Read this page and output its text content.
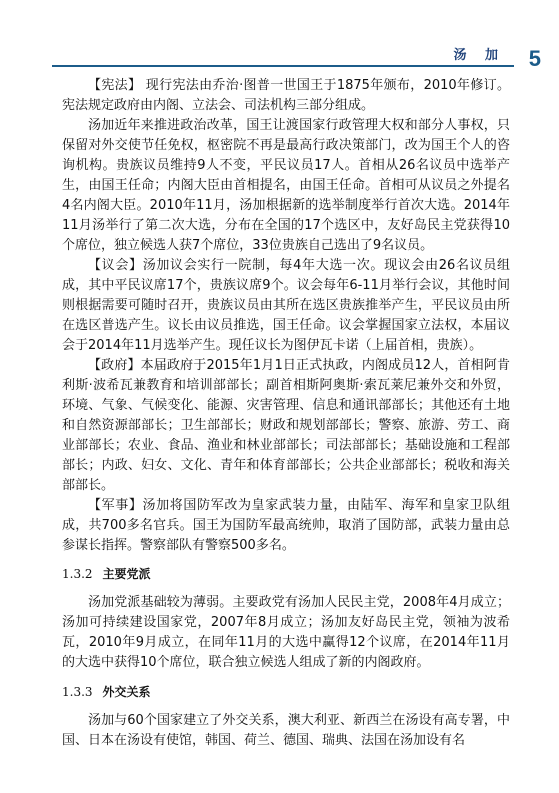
汤 加 5

【宪法】 现行宪法由乔治·图普一世国王于1875年颁布，2010年修订。宪法规定政府由内阁、立法会、司法机构三部分组成。

汤加近年来推进政治改革，国王让渡国家行政管理大权和部分人事权，只保留对外交使节任免权，枢密院不再是最高行政决策部门，改为国王个人的咨询机构。贵族议员维持9人不变，平民议员17人。首相从26名议员中选举产生，由国王任命；内阁大臣由首相提名，由国王任命。首相可从议员之外提名4名内阁大臣。2010年11月，汤加根据新的选举制度举行首次大选。2014年11月汤举行了第二次大选，分布在全国的17个选区中，友好岛民主党获得10个席位，独立候选人获7个席位，33位贵族自己选出了9名议员。

【议会】汤加议会实行一院制，每4年大选一次。现议会由26名议员组成，其中平民议席17个，贵族议席9个。议会每年6-11月举行会议，其他时间则根据需要可随时召开，贵族议员由其所在选区贵族推举产生，平民议员由所在选区普选产生。议长由议员推选，国王任命。议会掌握国家立法权，本届议会于2014年11月选举产生。现任议长为图伊瓦卡诺（上届首相，贵族）。

【政府】本届政府于2015年1月1日正式执政，内阁成员12人，首相阿肯利斯·波希瓦兼教育和培训部部长；副首相斯阿奥斯·索瓦莱尼兼外交和外贸，环境、气象、气候变化、能源、灾害管理、信息和通讯部部长；其他还有土地和自然资源部部长；卫生部部长；财政和规划部部长；警察、旅游、劳工、商业部部长；农业、食品、渔业和林业部部长；司法部部长；基础设施和工程部部长；内政、妇女、文化、青年和体育部部长；公共企业部部长；税收和海关部部长。

【军事】汤加将国防军改为皇家武装力量，由陆军、海军和皇家卫队组成，共700多名官兵。国王为国防军最高统帅，取消了国防部，武装力量由总参谋长指挥。警察部队有警察500多名。

1.3.2 主要党派

汤加党派基础较为薄弱。主要政党有汤加人民民主党，2008年4月成立；汤加可持续建设国家党，2007年8月成立；汤加友好岛民主党，领袖为波希瓦，2010年9月成立，在同年11月的大选中赢得12个议席，在2014年11月的大选中获得10个席位，联合独立候选人组成了新的内阁政府。

1.3.3 外交关系

汤加与60个国家建立了外交关系，澳大利亚、新西兰在汤设有高专署，中国、日本在汤设有使馆，韩国、荷兰、德国、瑞典、法国在汤加设有名
